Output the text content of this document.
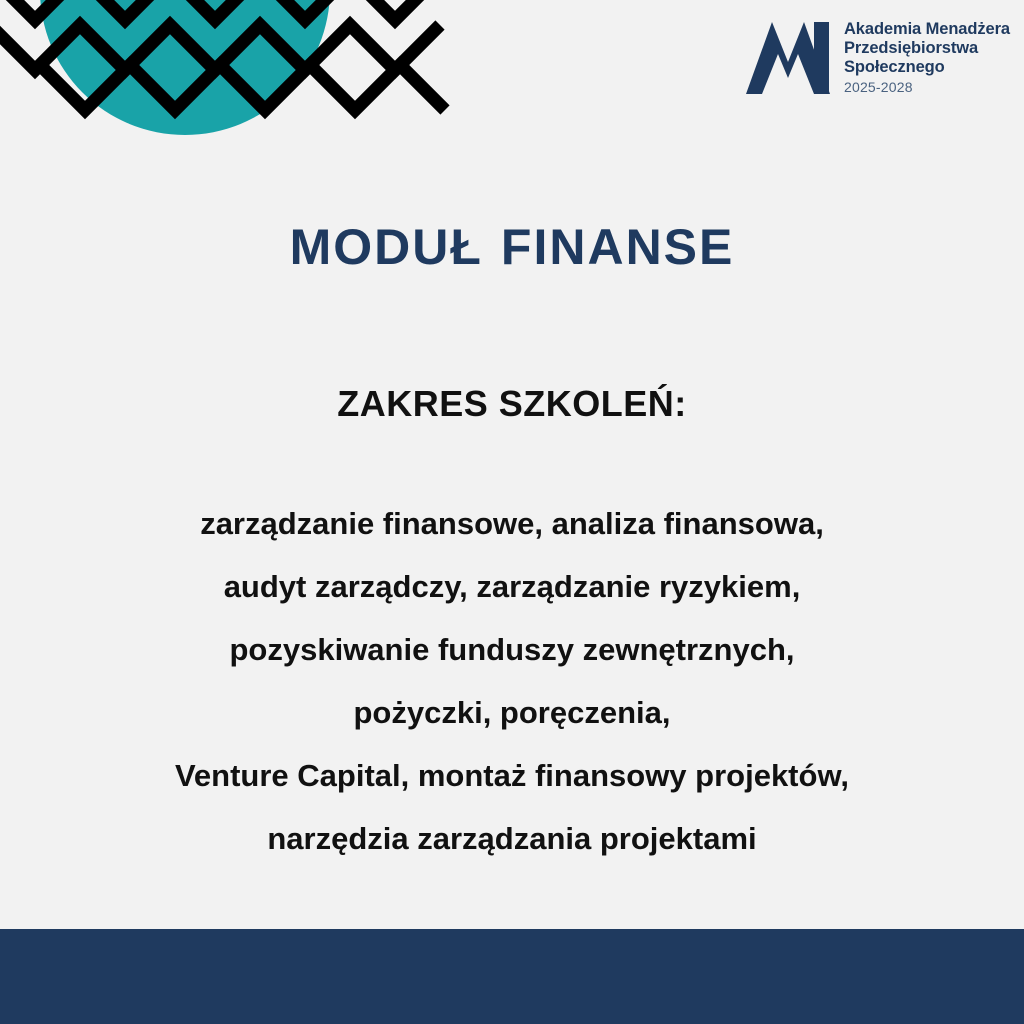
Akademia Menadżera
Przedsiębiorstwa
Społecznego
2025-2028
MODUŁ FINANSE
ZAKRES SZKOLEŃ:
zarządzanie finansowe, analiza finansowa,
audyt zarządczy, zarządzanie ryzykiem,
pozyskiwanie funduszy zewnętrznych,
pożyczki, poręczenia,
Venture Capital, montaż finansowy projektów,
narzędzia zarządzania projektami
